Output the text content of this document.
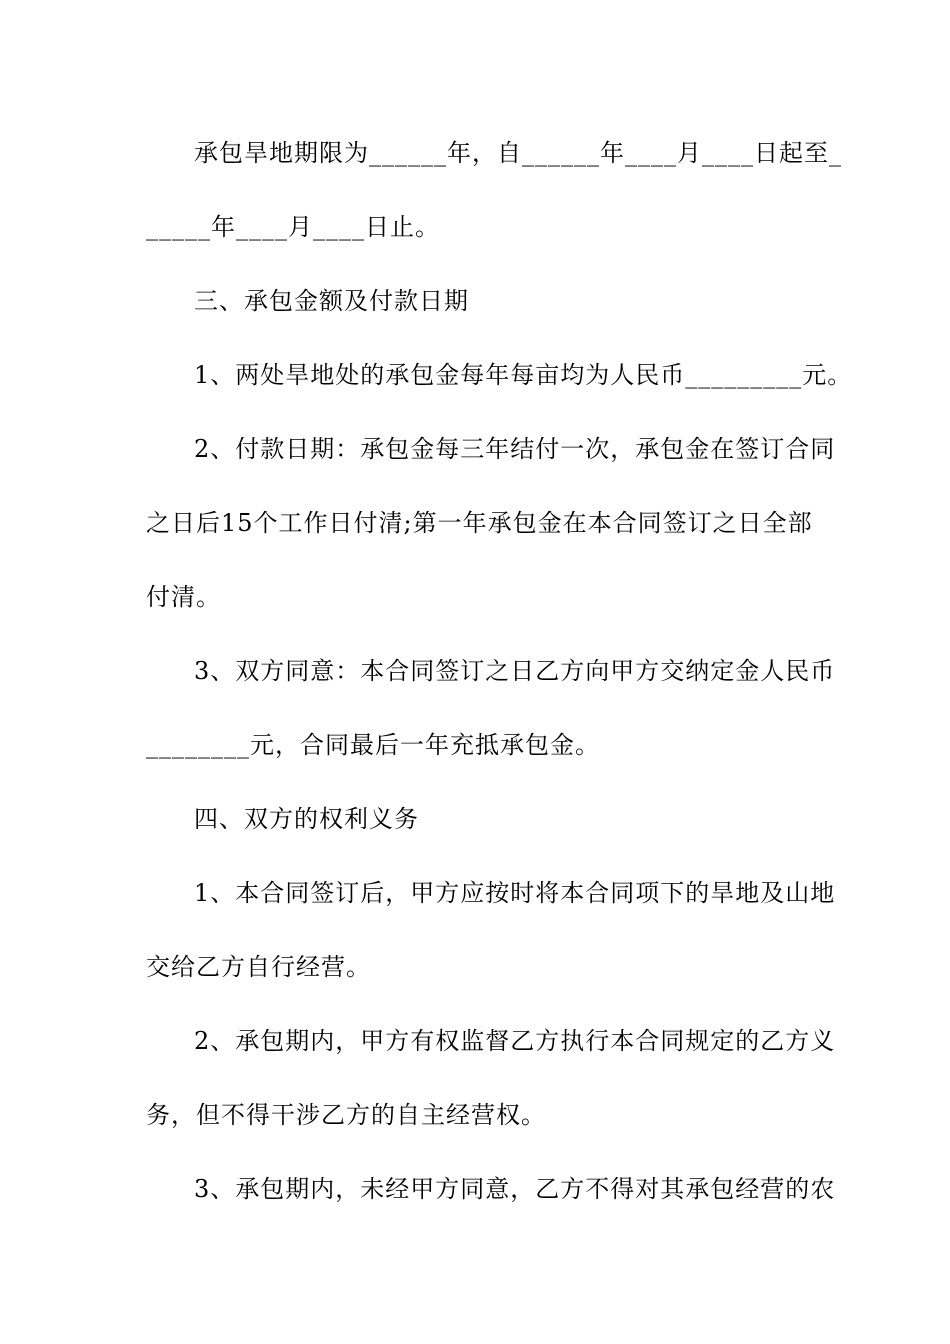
承包旱地期限为______年，自______年____月____日起至_
_____年____月____日止。
三、承包金额及付款日期
1、两处旱地处的承包金每年每亩均为人民币_________元。
2、付款日期：承包金每三年结付一次，承包金在签订合同
之日后15个工作日付清;第一年承包金在本合同签订之日全部
付清。
3、双方同意：本合同签订之日乙方向甲方交纳定金人民币
________元，合同最后一年充抵承包金。
四、双方的权利义务
1、本合同签订后，甲方应按时将本合同项下的旱地及山地
交给乙方自行经营。
2、承包期内，甲方有权监督乙方执行本合同规定的乙方义
务，但不得干涉乙方的自主经营权。
3、承包期内，未经甲方同意，乙方不得对其承包经营的农
